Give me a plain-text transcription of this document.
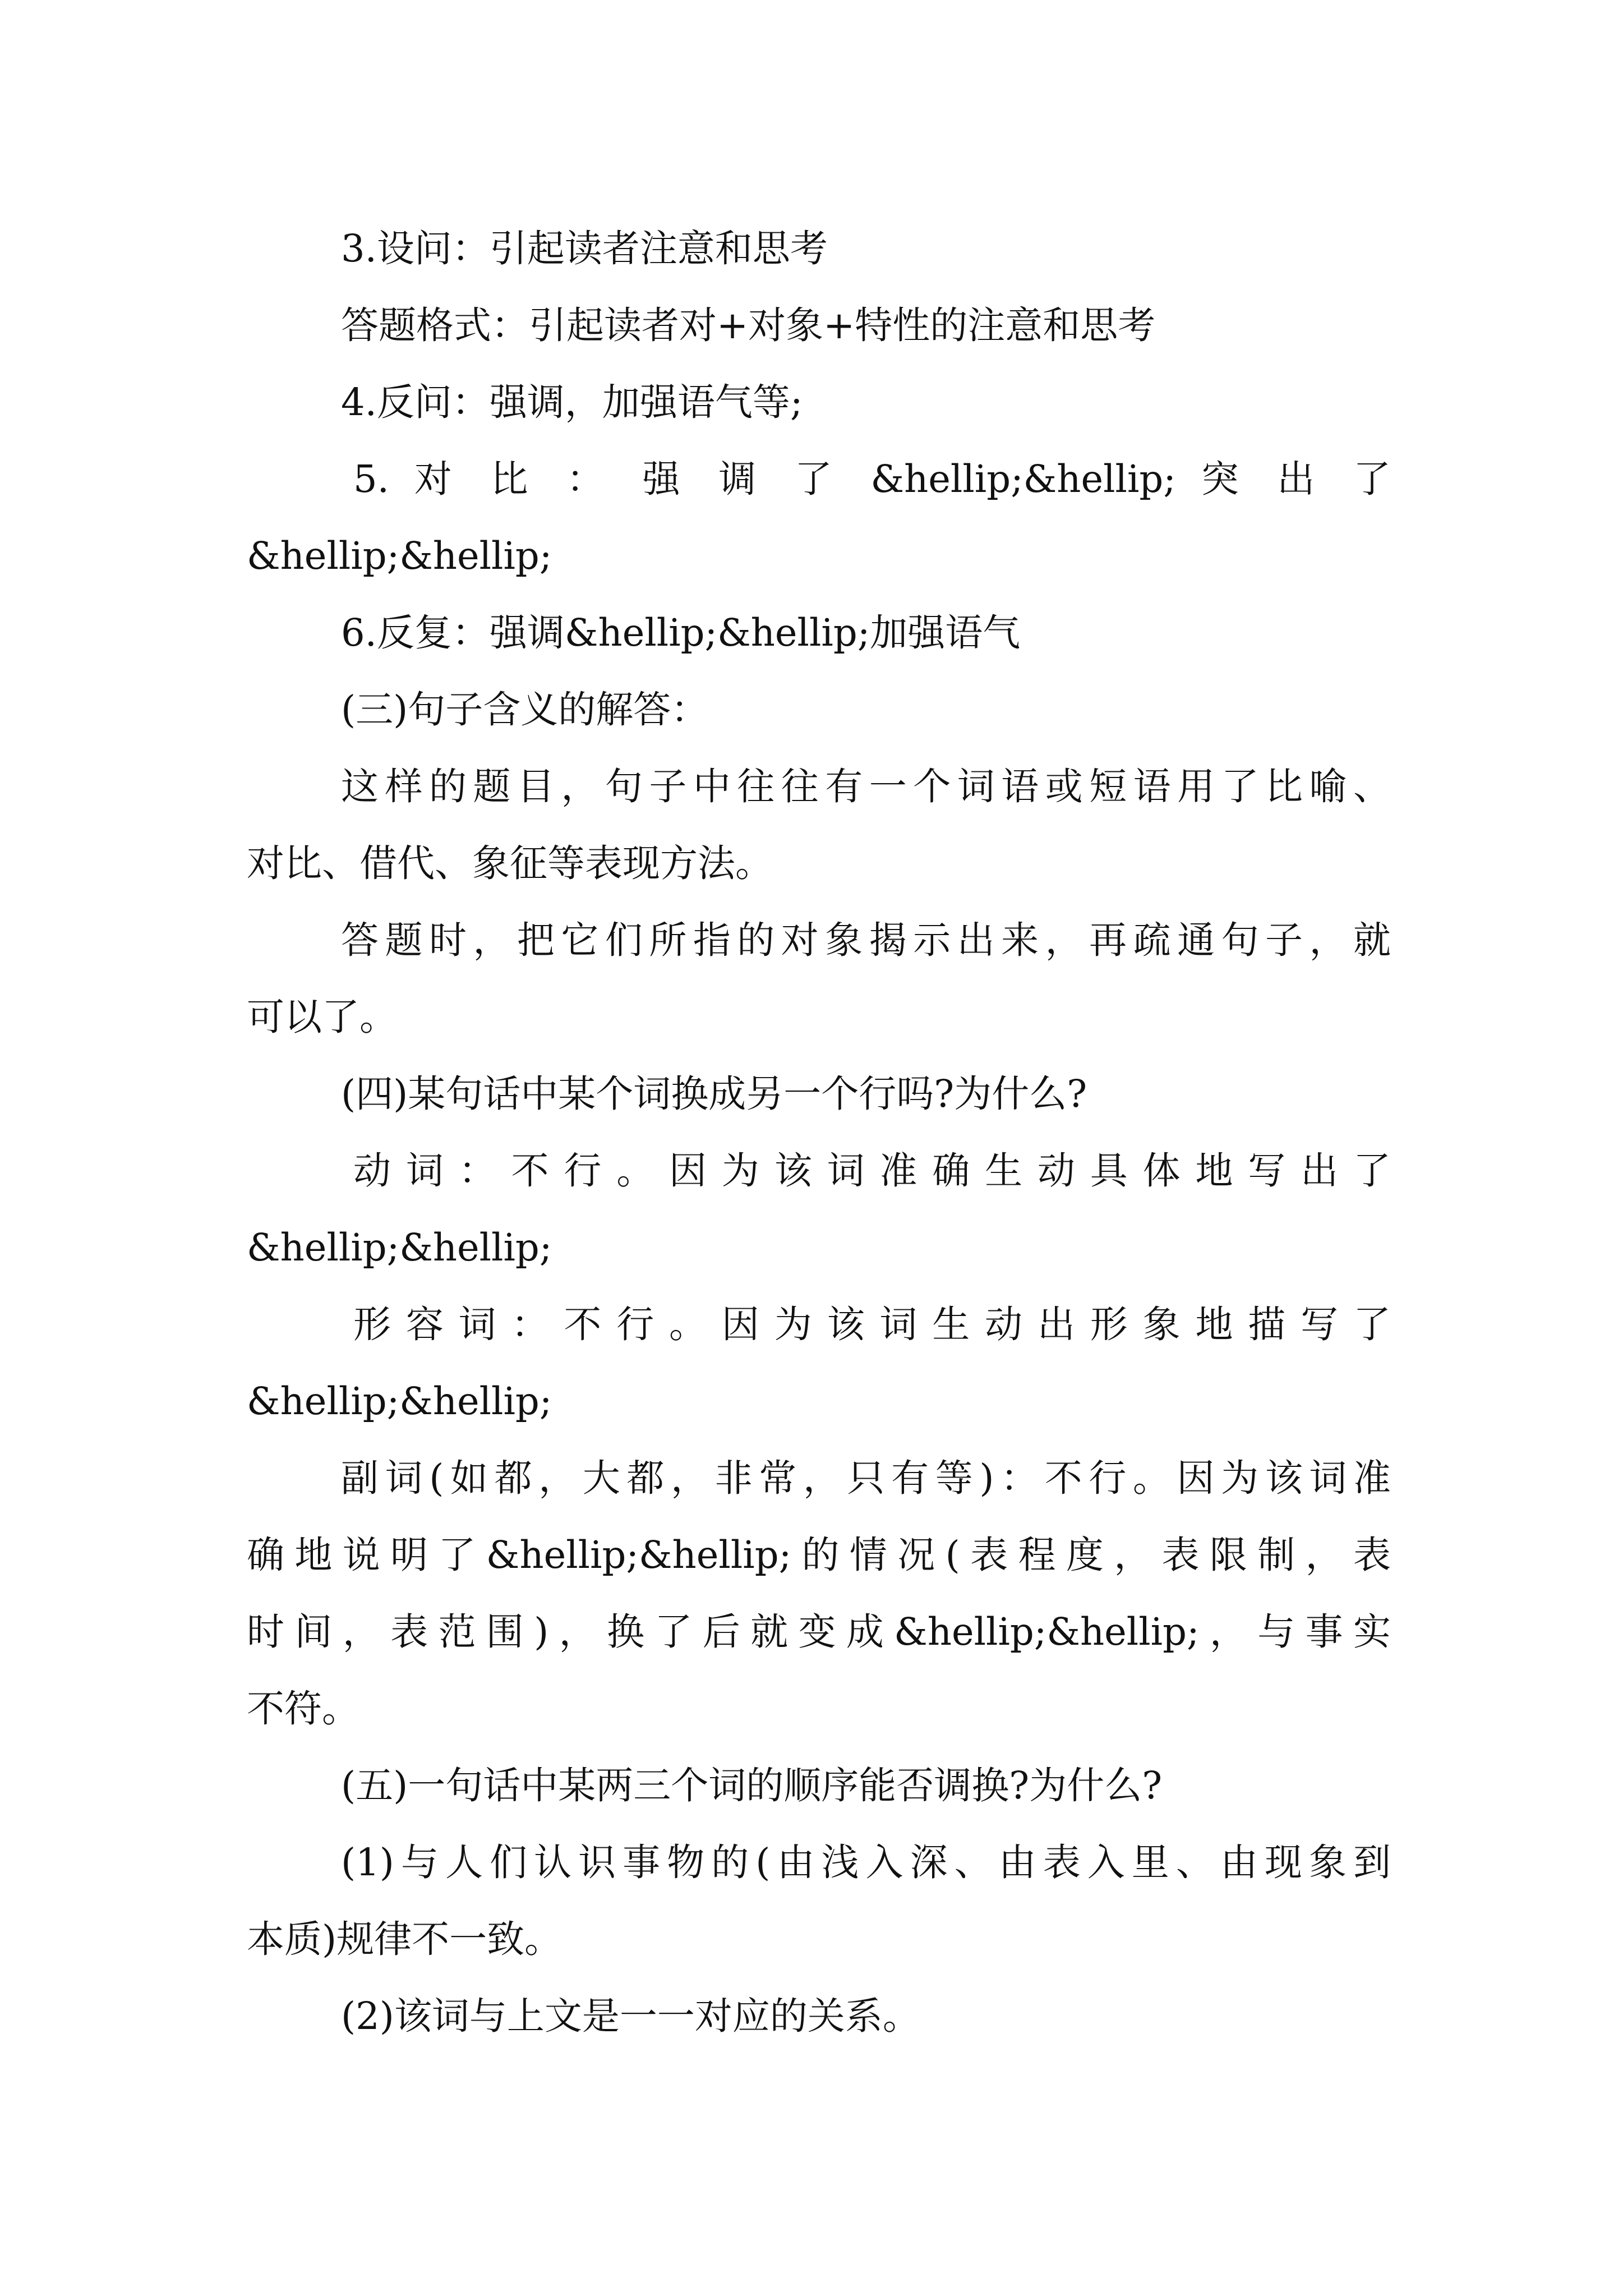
3.设问：引起读者注意和思考
答题格式：引起读者对+对象+特性的注意和思考
4.反问：强调，加强语气等;
5. 对 比 ： 强 调 了 &hellip;&hellip; 突 出 了
&hellip;&hellip;
6.反复：强调&hellip;&hellip;加强语气
(三)句子含义的解答：
这样的题目，句子中往往有一个词语或短语用了比喻、
对比、借代、象征等表现方法。
答题时，把它们所指的对象揭示出来，再疏通句子，就
可以了。
(四)某句话中某个词换成另一个行吗?为什么?
动 词 ： 不 行 。 因 为 该 词 准 确 生 动 具 体 地 写 出 了
&hellip;&hellip;
形 容 词 ： 不 行 。 因 为 该 词 生 动 出 形 象 地 描 写 了
&hellip;&hellip;
副词(如都，大都，非常，只有等)：不行。因为该词准
确地说明了&hellip;&hellip;的情况(表程度，表限制，表
时间，表范围)，换了后就变成&hellip;&hellip;，与事实
不符。
(五)一句话中某两三个词的顺序能否调换?为什么?
(1)与人们认识事物的(由浅入深、由表入里、由现象到
本质)规律不一致。
(2)该词与上文是一一对应的关系。
